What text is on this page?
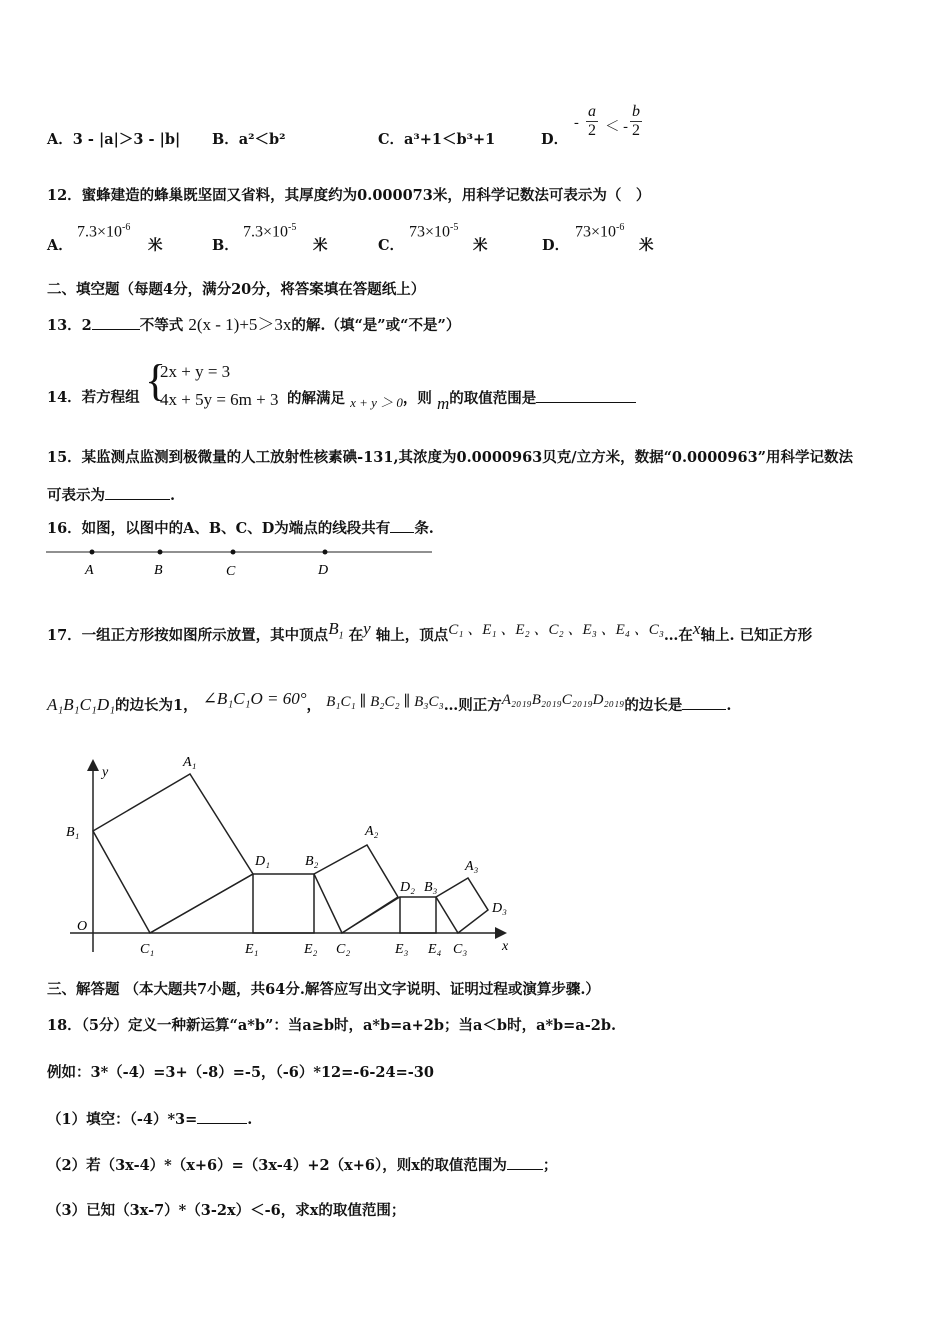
A．3 - |a|＞3 - |b| B．a²＜b²	C．a³+1＜b³+1	D．
- $\frac{a}{2}$ ＜ - $\frac{b}{2}$
12．蜜蜂建造的蜂巢既坚固又省料，其厚度约为0.000073米，用科学记数法可表示为（　）
A．
$7.3\times 10^{-6}$
米	B．
$7.3\times 10^{-5}$
米	C．
$73\times 10^{-5}$
米	D．
$73\times 10^{-6}$
米
二、填空题（每题4分，满分20分，将答案填在答题纸上）
13．2	不等式 2(x - 1)+5＞3x的解.（填“是”或“不是”）
14．若方程组 {
2x + y = 3
4x + 5y = 6m + 3 的解满足 x + y ＞ 0，则 m的取值范围是
15．某监测点监测到极微量的人工放射性核素碘-131,其浓度为0.0000963贝克/立方米，数据“0.0000963”用科学记数法
可表示为	.
16．如图，以图中的A、B、C、D为端点的线段共有 条.
A	B	C	D
17．一组正方形按如图所示放置，其中顶点$B_1$ 在y 轴上，顶点C₁ 、E₁ 、E₂ 、C₂ 、E₃ 、E₄ 、C₃…在x轴上. 已知正方形
A₁B₁C₁D₁的边长为1， ∠B₁C₁O = 60°， B₁C₁ ∥ B₂C₂ ∥ B₃C₃…则正方A₂₀₁₉B₂₀₁₉C₂₀₁₉D₂₀₁₉的边长是	.
y
x
O
A₁
B₁
C₁
D₁
E₁	E₂
B₂
A₂
C₂
D₂ B₃
A₃
D₃
E₃ E₄ C₃
三、解答题 （本大题共7小题，共64分.解答应写出文字说明、证明过程或演算步骤.）
18．（5分）定义一种新运算“a*b”：当a≥b时，a*b=a+2b；当a＜b时，a*b=a-2b.
例如：3*（-4）=3+（-8）=-5，（-6）*12=-6-24=-30
（1）填空：（-4）*3=	.
（2）若（3x-4）*（x+6）=（3x-4）+2（x+6），则x的取值范围为 ；
（3）已知（3x-7）*（3-2x）＜-6，求x的取值范围；
